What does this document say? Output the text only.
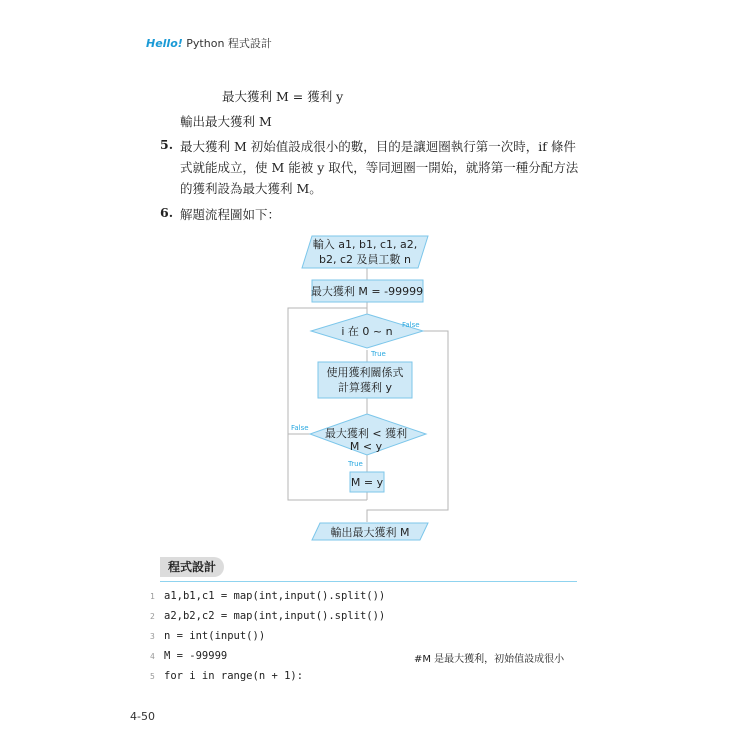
Hello! Python 程式設計
最大獲利 M = 獲利 y
輸出最大獲利 M
5. 最大獲利 M 初始值設成很小的數，目的是讓迴圈執行第一次時，if 條件
式就能成立，使 M 能被 y 取代，等同迴圈一開始，就將第一種分配方法
的獲利設為最大獲利 M。
6. 解題流程圖如下：
輸入 a1, b1, c1, a2,
b2, c2 及員工數 n
最大獲利 M = -99999
i 在 0 ~ n False
True
使用獲利關係式
計算獲利 y
最大獲利 < 獲利
M < y
False
True
M = y
輸出最大獲利 M
程式設計
1 a1,b1,c1 = map(int,input().split())
2 a2,b2,c2 = map(int,input().split())
3 n = int(input())
4 M = -99999
5 for i in range(n + 1):
#M 是最大獲利，初始值設成很小
4-50
